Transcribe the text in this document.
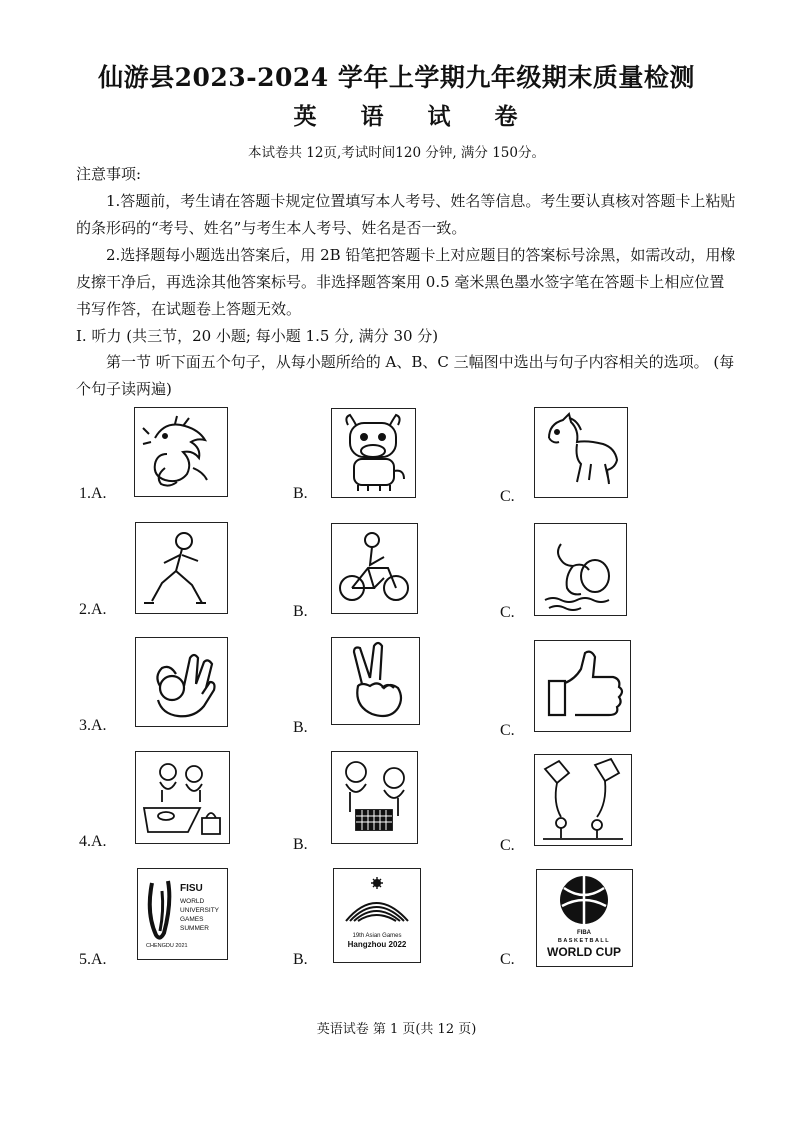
仙游县2023-2024 学年上学期九年级期末质量检测
英 语 试 卷
本试卷共 12页,考试时间120 分钟, 满分 150分。
注意事项:
1.答题前，考生请在答题卡规定位置填写本人考号、姓名等信息。考生要认真核对答题卡上粘贴的条形码的“考号、姓名”与考生本人考号、姓名是否一致。
2.选择题每小题选出答案后，用 2B 铅笔把答题卡上对应题目的答案标号涂黑，如需改动，用橡皮擦干净后，再选涂其他答案标号。非选择题答案用 0.5 毫米黑色墨水签字笔在答题卡上相应位置书写作答，在试题卷上答题无效。
I. 听力 (共三节，20 小题; 每小题 1.5 分, 满分 30 分)
第一节 听下面五个句子，从每小题所给的 A、B、C 三幅图中选出与句子内容相关的选项。 (每个句子读两遍)
1.A.	B.	C.
2.A.	B.	C.
3.A.	B.	C.
4.A.	B.	C.
5.A.	B.	C.
FISU
WORLD
UNIVERSITY
GAMES
SUMMER
CHENGDU 2021
19th Asian Games
Hangzhou 2022
FIBA
BASKETBALL
WORLD CUP
英语试卷 第 1 页(共 12 页)
